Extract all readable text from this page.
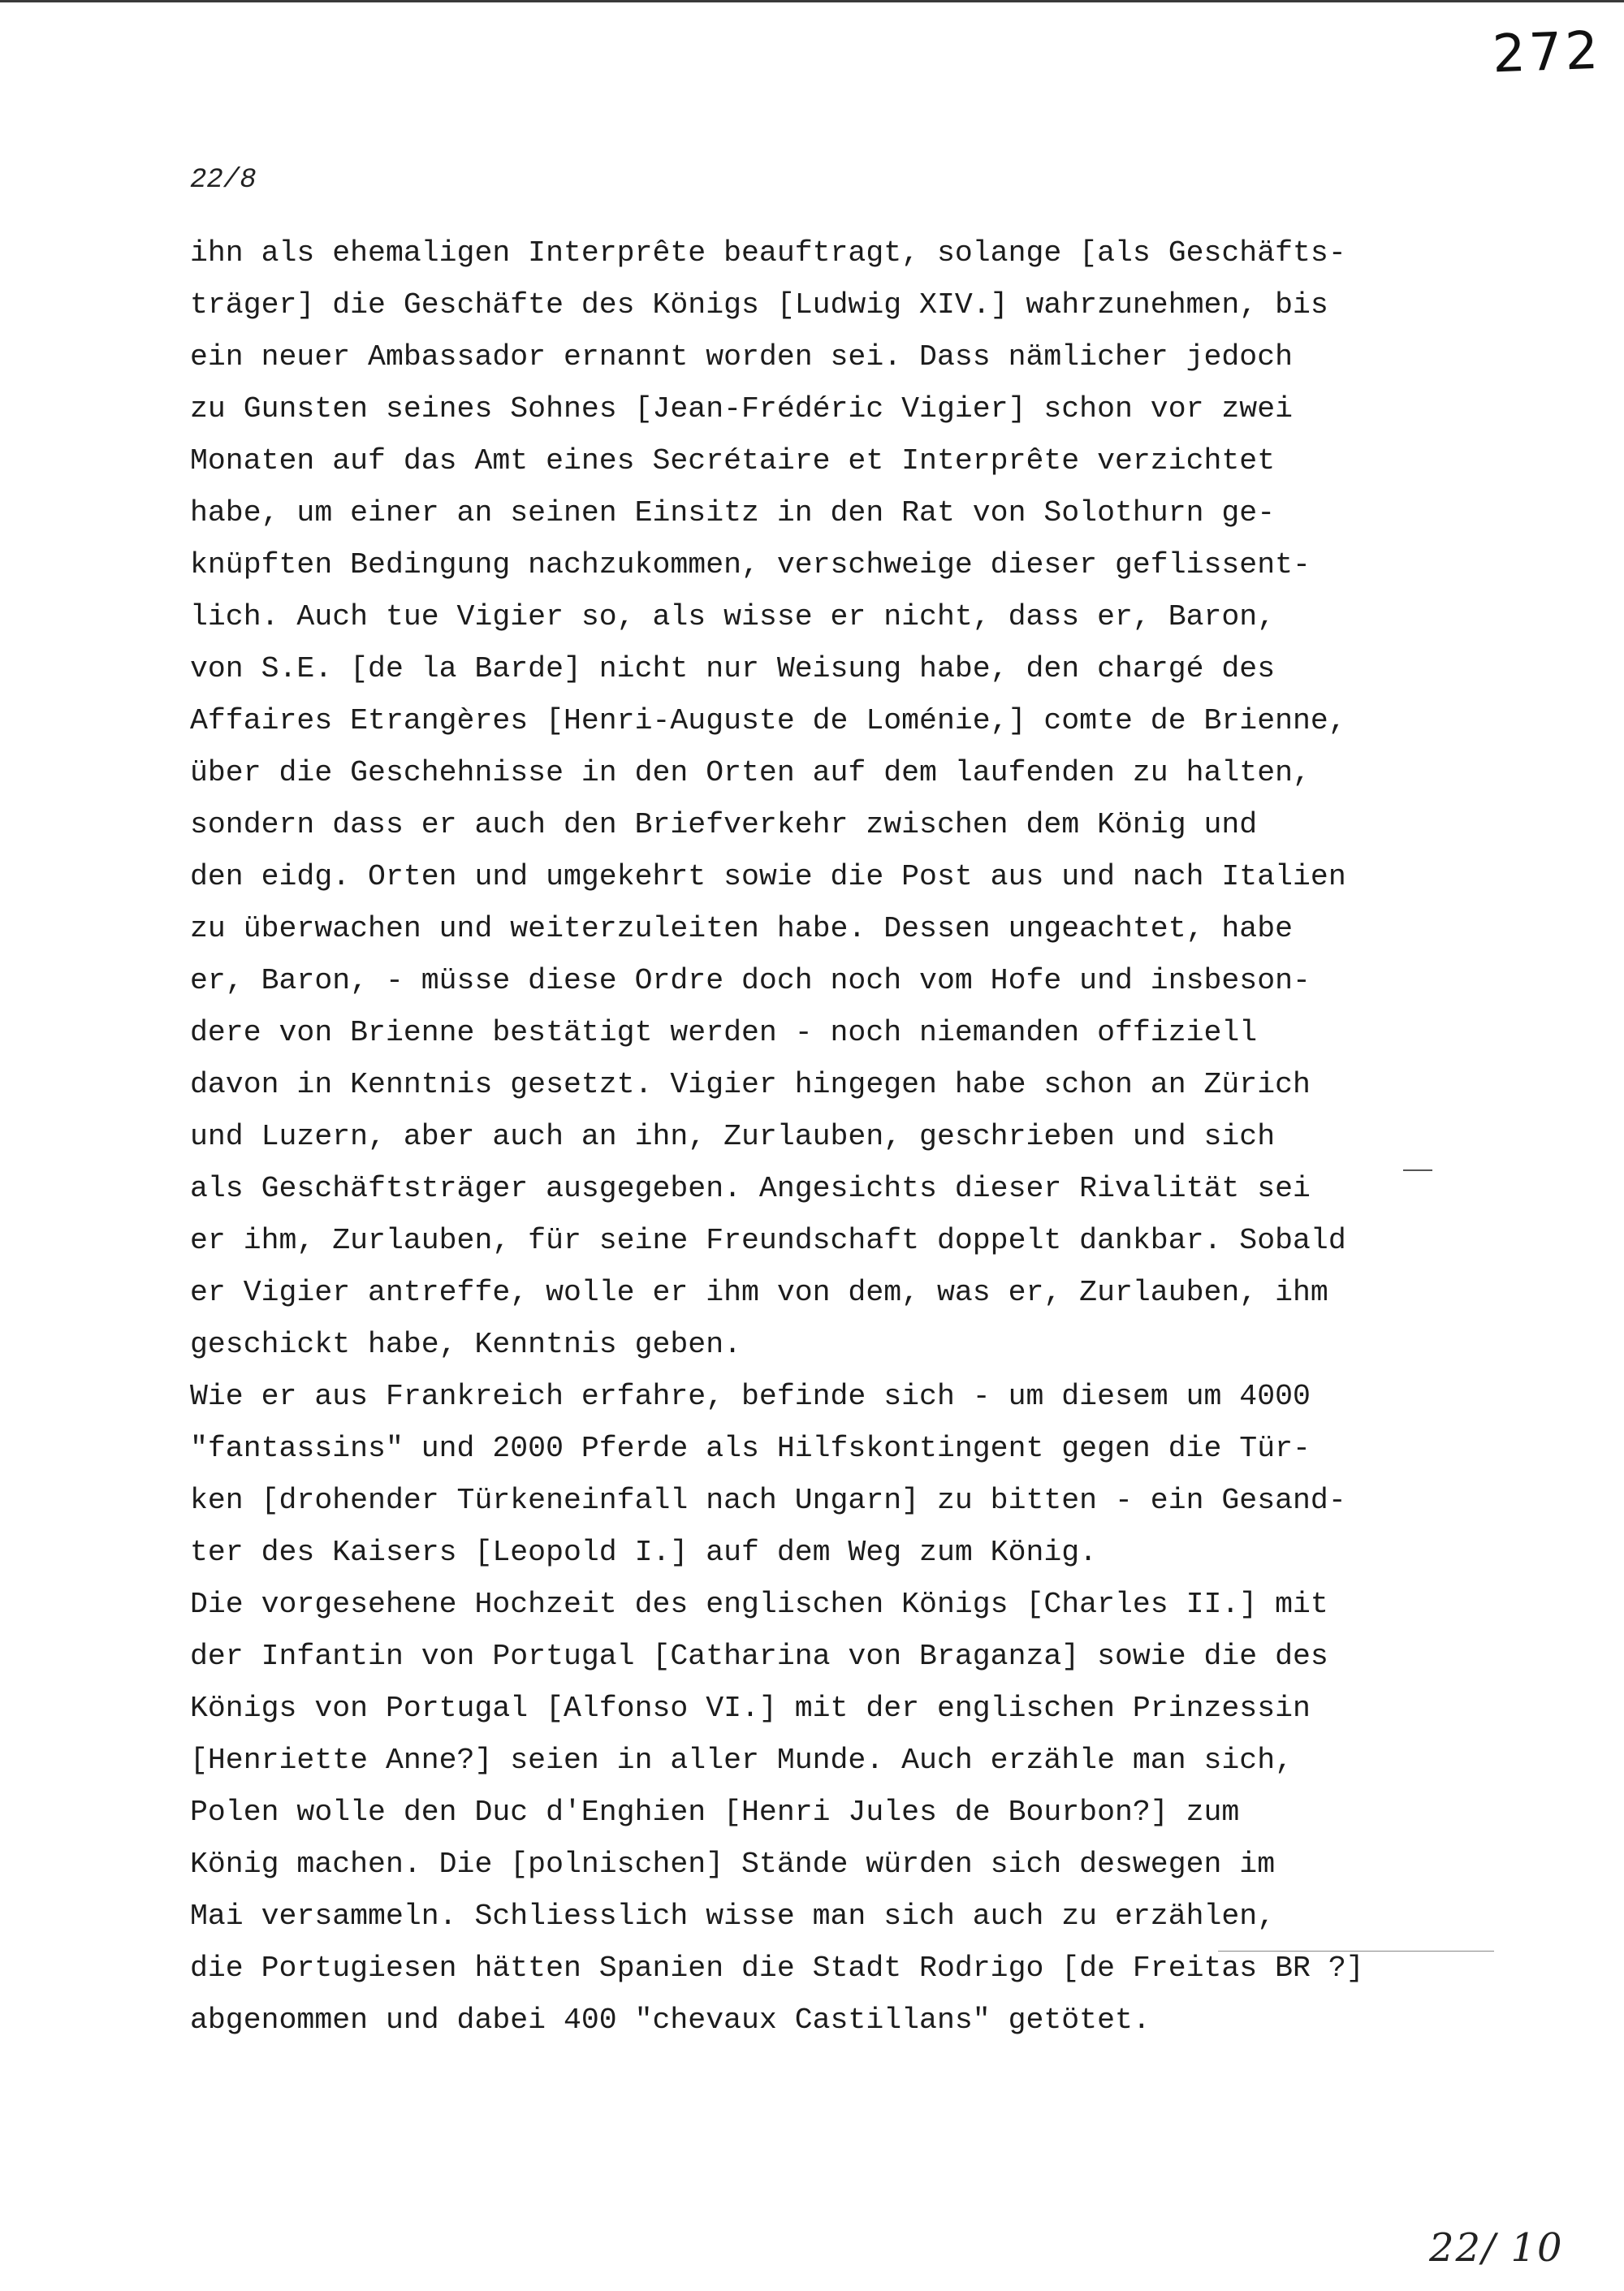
272
22/8
ihn als ehemaligen Interprête beauftragt, solange [als Geschäfts-
träger] die Geschäfte des Königs [Ludwig XIV.] wahrzunehmen, bis
ein neuer Ambassador ernannt worden sei. Dass nämlicher jedoch
zu Gunsten seines Sohnes [Jean-Frédéric Vigier] schon vor zwei
Monaten auf das Amt eines Secrétaire et Interprête verzichtet
habe, um einer an seinen Einsitz in den Rat von Solothurn ge-
knüpften Bedingung nachzukommen, verschweige dieser geflissent-
lich. Auch tue Vigier so, als wisse er nicht, dass er, Baron,
von S.E. [de la Barde] nicht nur Weisung habe, den chargé des
Affaires Etrangères [Henri-Auguste de Loménie,] comte de Brienne,
über die Geschehnisse in den Orten auf dem laufenden zu halten,
sondern dass er auch den Briefverkehr zwischen dem König und
den eidg. Orten und umgekehrt sowie die Post aus und nach Italien
zu überwachen und weiterzuleiten habe. Dessen ungeachtet, habe
er, Baron, - müsse diese Ordre doch noch vom Hofe und insbeson-
dere von Brienne bestätigt werden - noch niemanden offiziell
davon in Kenntnis gesetzt. Vigier hingegen habe schon an Zürich
und Luzern, aber auch an ihn, Zurlauben, geschrieben und sich
als Geschäftsträger ausgegeben. Angesichts dieser Rivalität sei
er ihm, Zurlauben, für seine Freundschaft doppelt dankbar. Sobald
er Vigier antreffe, wolle er ihm von dem, was er, Zurlauben, ihm
geschickt habe, Kenntnis geben.
Wie er aus Frankreich erfahre, befinde sich - um diesem um 4000
"fantassins" und 2000 Pferde als Hilfskontingent gegen die Tür-
ken [drohender Türkeneinfall nach Ungarn] zu bitten - ein Gesand-
ter des Kaisers [Leopold I.] auf dem Weg zum König.
Die vorgesehene Hochzeit des englischen Königs [Charles II.] mit
der Infantin von Portugal [Catharina von Braganza] sowie die des
Königs von Portugal [Alfonso VI.] mit der englischen Prinzessin
[Henriette Anne?] seien in aller Munde. Auch erzähle man sich,
Polen wolle den Duc d'Enghien [Henri Jules de Bourbon?] zum
König machen. Die [polnischen] Stände würden sich deswegen im
Mai versammeln. Schliesslich wisse man sich auch zu erzählen,
die Portugiesen hätten Spanien die Stadt Rodrigo [de Freitas BR ?]
abgenommen und dabei 400 "chevaux Castillans" getötet.
22/ 10
